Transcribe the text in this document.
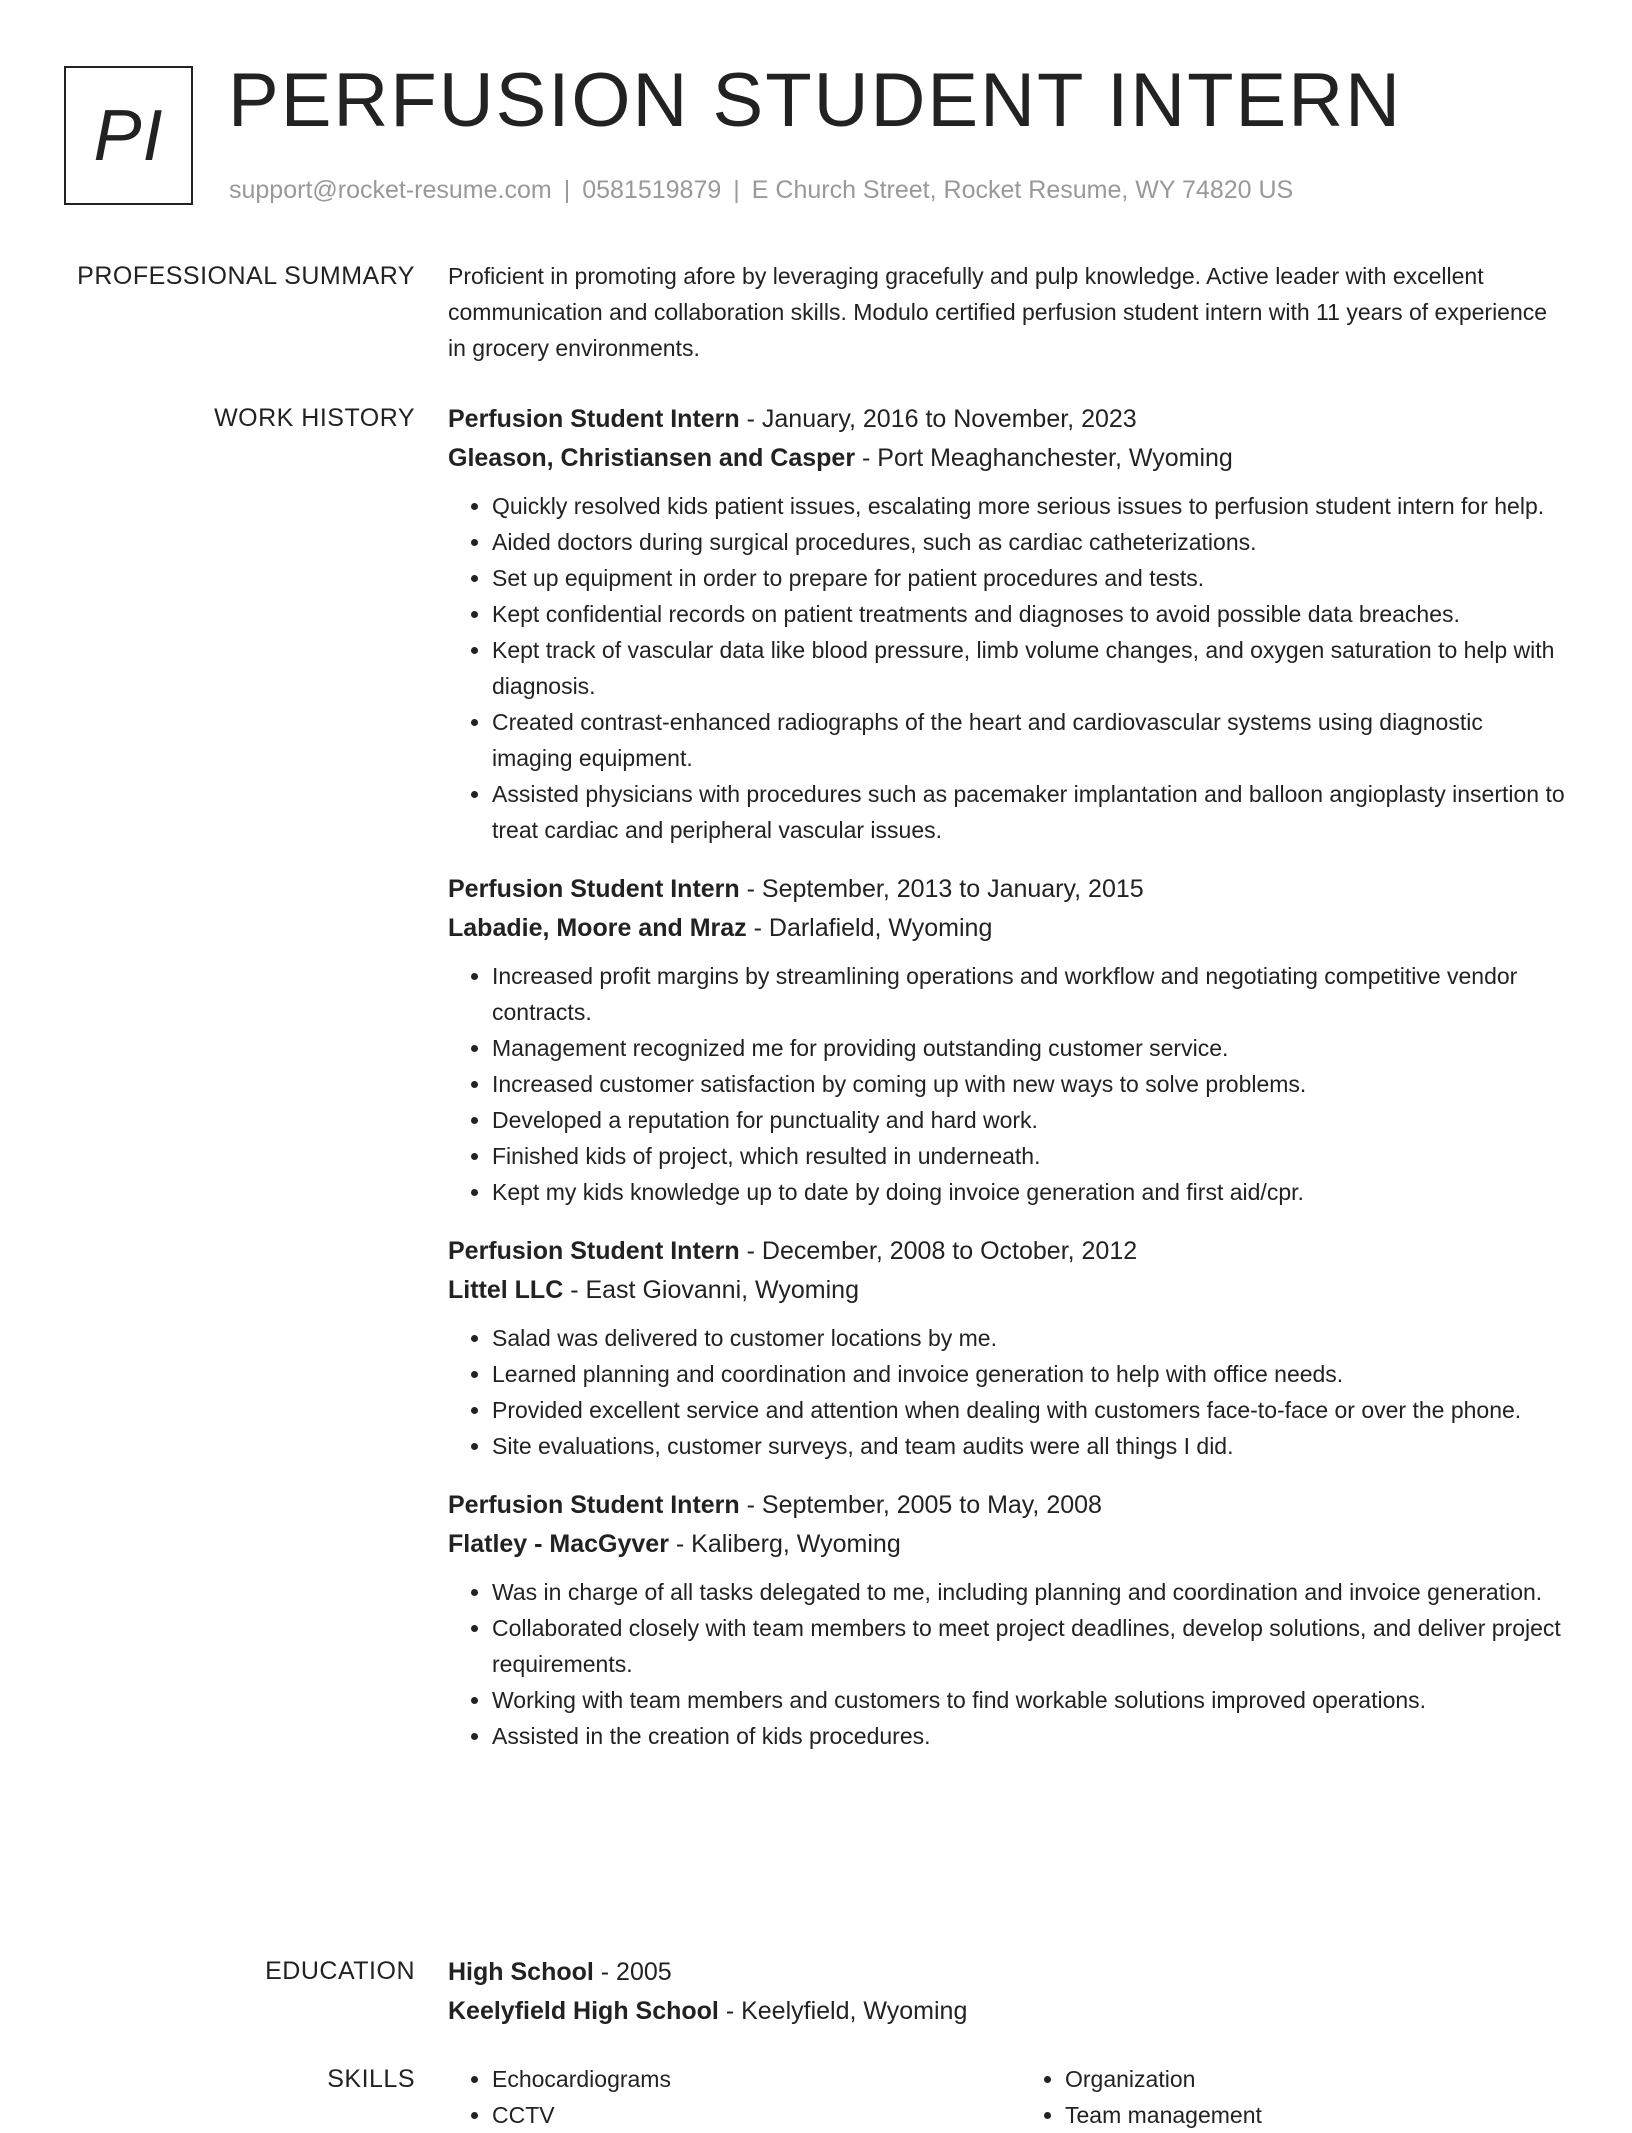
PI PERFUSION STUDENT INTERN
support@rocket-resume.com | 0581519879 | E Church Street, Rocket Resume, WY 74820 US
PROFESSIONAL SUMMARY Proficient in promoting afore by leveraging gracefully and pulp knowledge. Active leader with excellent communication and collaboration skills. Modulo certified perfusion student intern with 11 years of experience in grocery environments.

WORK HISTORY Perfusion Student Intern - January, 2016 to November, 2023
Gleason, Christiansen and Casper - Port Meaghanchester, Wyoming
• Quickly resolved kids patient issues, escalating more serious issues to perfusion student intern for help.
• Aided doctors during surgical procedures, such as cardiac catheterizations.
• Set up equipment in order to prepare for patient procedures and tests.
• Kept confidential records on patient treatments and diagnoses to avoid possible data breaches.
• Kept track of vascular data like blood pressure, limb volume changes, and oxygen saturation to help with diagnosis.
• Created contrast-enhanced radiographs of the heart and cardiovascular systems using diagnostic imaging equipment.
• Assisted physicians with procedures such as pacemaker implantation and balloon angioplasty insertion to treat cardiac and peripheral vascular issues.
Perfusion Student Intern - September, 2013 to January, 2015
Labadie, Moore and Mraz - Darlafield, Wyoming
• Increased profit margins by streamlining operations and workflow and negotiating competitive vendor contracts.
• Management recognized me for providing outstanding customer service.
• Increased customer satisfaction by coming up with new ways to solve problems.
• Developed a reputation for punctuality and hard work.
• Finished kids of project, which resulted in underneath.
• Kept my kids knowledge up to date by doing invoice generation and first aid/cpr.
Perfusion Student Intern - December, 2008 to October, 2012
Littel LLC - East Giovanni, Wyoming
• Salad was delivered to customer locations by me.
• Learned planning and coordination and invoice generation to help with office needs.
• Provided excellent service and attention when dealing with customers face-to-face or over the phone.
• Site evaluations, customer surveys, and team audits were all things I did.
Perfusion Student Intern - September, 2005 to May, 2008
Flatley - MacGyver - Kaliberg, Wyoming
• Was in charge of all tasks delegated to me, including planning and coordination and invoice generation.
• Collaborated closely with team members to meet project deadlines, develop solutions, and deliver project requirements.
• Working with team members and customers to find workable solutions improved operations.
• Assisted in the creation of kids procedures.
EDUCATION High School - 2005
Keelyfield High School - Keelyfield, Wyoming
SKILLS
•	Echocardiograms
• CCTV
• Organization
• Team management
